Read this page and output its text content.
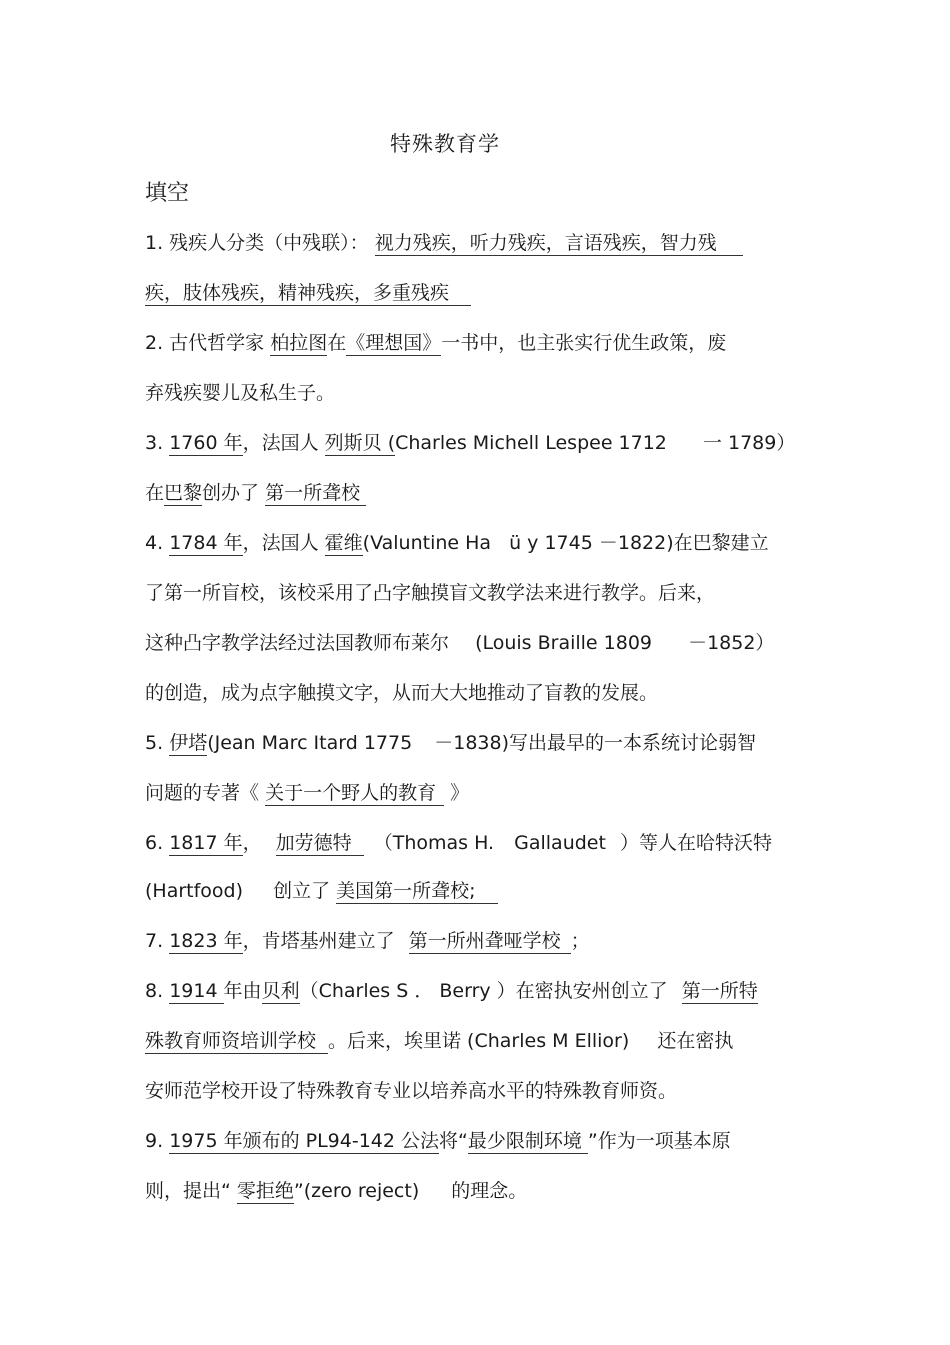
特殊教育学
填空
1. 残疾人分类（中残联）： 视力残疾，听力残疾，言语残疾，智力残
疾，肢体残疾，精神残疾，多重残疾
2. 古代哲学家 柏拉图在《理想国》一书中，也主张实行优生政策，废
弃残疾婴儿及私生子。
3. 1760 年，法国人 列斯贝 (Charles Michell Lespee 1712 一 1789）
在巴黎创办了 第一所聋校
4. 1784 年，法国人 霍维(Valuntine Ha ü y 1745 －1822)在巴黎建立
了第一所盲校，该校采用了凸字触摸盲文教学法来进行教学。后来，
这种凸字教学法经过法国教师布莱尔 (Louis Braille 1809 －1852）
的创造，成为点字触摸文字，从而大大地推动了盲教的发展。
5. 伊塔(Jean Marc Itard 1775 －1838)写出最早的一本系统讨论弱智
问题的专著《 关于一个野人的教育 》
6. 1817 年， 加劳德特 （Thomas H. Gallaudet ）等人在哈特沃特
(Hartfood) 创立了 美国第一所聋校;
7. 1823 年，肯塔基州建立了 第一所州聋哑学校 ；
8. 1914 年由贝利（Charles S ． Berry ）在密执安州创立了 第一所特
殊教育师资培训学校 。后来，埃里诺 (Charles M Ellior) 还在密执
安师范学校开设了特殊教育专业以培养高水平的特殊教育师资。
9. 1975 年颁布的 PL94-142 公法将“最少限制环境 ”作为一项基本原
则，提出“ 零拒绝”(zero reject) 的理念。
